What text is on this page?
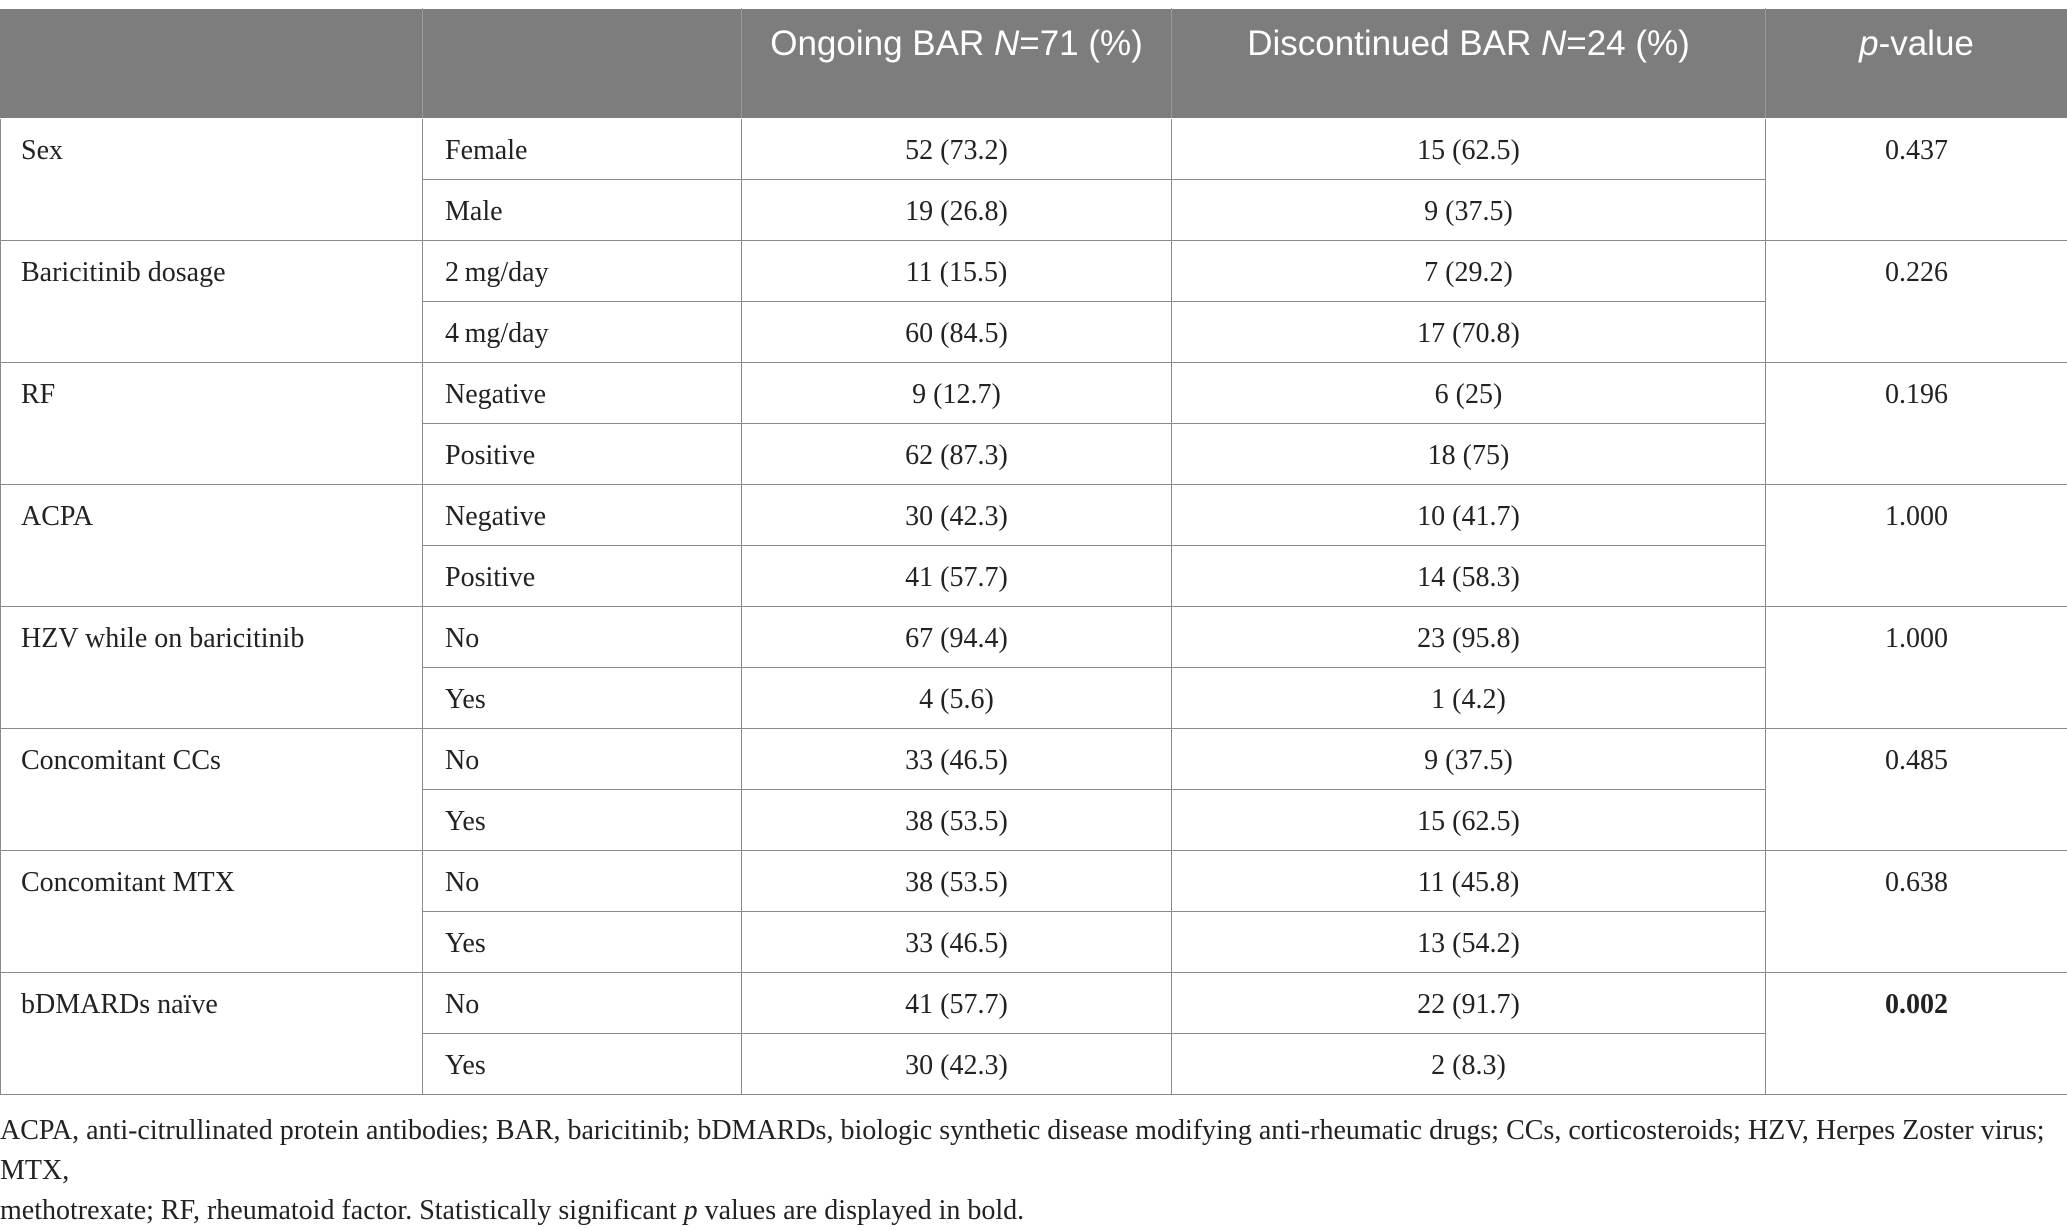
		Ongoing BAR N=71 (%)	Discontinued BAR N=24 (%)	p-value
Sex	Female	52 (73.2)	15 (62.5)	0.437
	Male	19 (26.8)	9 (37.5)	
Baricitinib dosage	2 mg/day	11 (15.5)	7 (29.2)	0.226
	4 mg/day	60 (84.5)	17 (70.8)	
RF	Negative	9 (12.7)	6 (25)	0.196
	Positive	62 (87.3)	18 (75)	
ACPA	Negative	30 (42.3)	10 (41.7)	1.000
	Positive	41 (57.7)	14 (58.3)	
HZV while on baricitinib	No	67 (94.4)	23 (95.8)	1.000
	Yes	4 (5.6)	1 (4.2)	
Concomitant CCs	No	33 (46.5)	9 (37.5)	0.485
	Yes	38 (53.5)	15 (62.5)	
Concomitant MTX	No	38 (53.5)	11 (45.8)	0.638
	Yes	33 (46.5)	13 (54.2)	
bDMARDs naïve	No	41 (57.7)	22 (91.7)	0.002
	Yes	30 (42.3)	2 (8.3)	

ACPA, anti-citrullinated protein antibodies; BAR, baricitinib; bDMARDs, biologic synthetic disease modifying anti-rheumatic drugs; CCs, corticosteroids; HZV, Herpes Zoster virus; MTX,

methotrexate; RF, rheumatoid factor. Statistically significant p values are displayed in bold.
